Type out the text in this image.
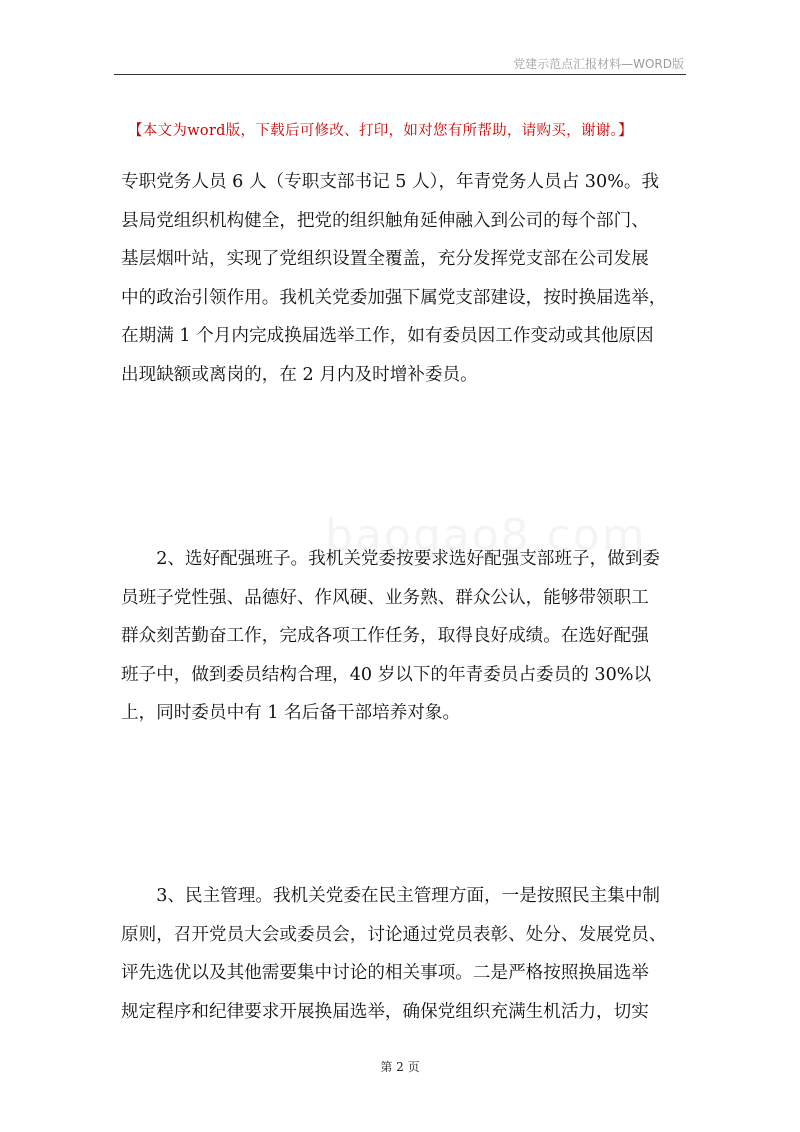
党建示范点汇报材料—WORD版
【本文为word版，下载后可修改、打印，如对您有所帮助，请购买，谢谢。】
专职党务人员 6 人（专职支部书记 5 人），年青党务人员占 30%。我
县局党组织机构健全，把党的组织触角延伸融入到公司的每个部门、
基层烟叶站，实现了党组织设置全覆盖，充分发挥党支部在公司发展
中的政治引领作用。我机关党委加强下属党支部建设，按时换届选举，
在期满 1 个月内完成换届选举工作，如有委员因工作变动或其他原因
出现缺额或离岗的，在 2 月内及时增补委员。
　　2、选好配强班子。我机关党委按要求选好配强支部班子，做到委
员班子党性强、品德好、作风硬、业务熟、群众公认，能够带领职工
群众刻苦勤奋工作，完成各项工作任务，取得良好成绩。在选好配强
班子中，做到委员结构合理，40 岁以下的年青委员占委员的 30%以
上，同时委员中有 1 名后备干部培养对象。
　　3、民主管理。我机关党委在民主管理方面，一是按照民主集中制
原则，召开党员大会或委员会，讨论通过党员表彰、处分、发展党员、
评先选优以及其他需要集中讨论的相关事项。二是严格按照换届选举
规定程序和纪律要求开展换届选举，确保党组织充满生机活力，切实
第 2 页
